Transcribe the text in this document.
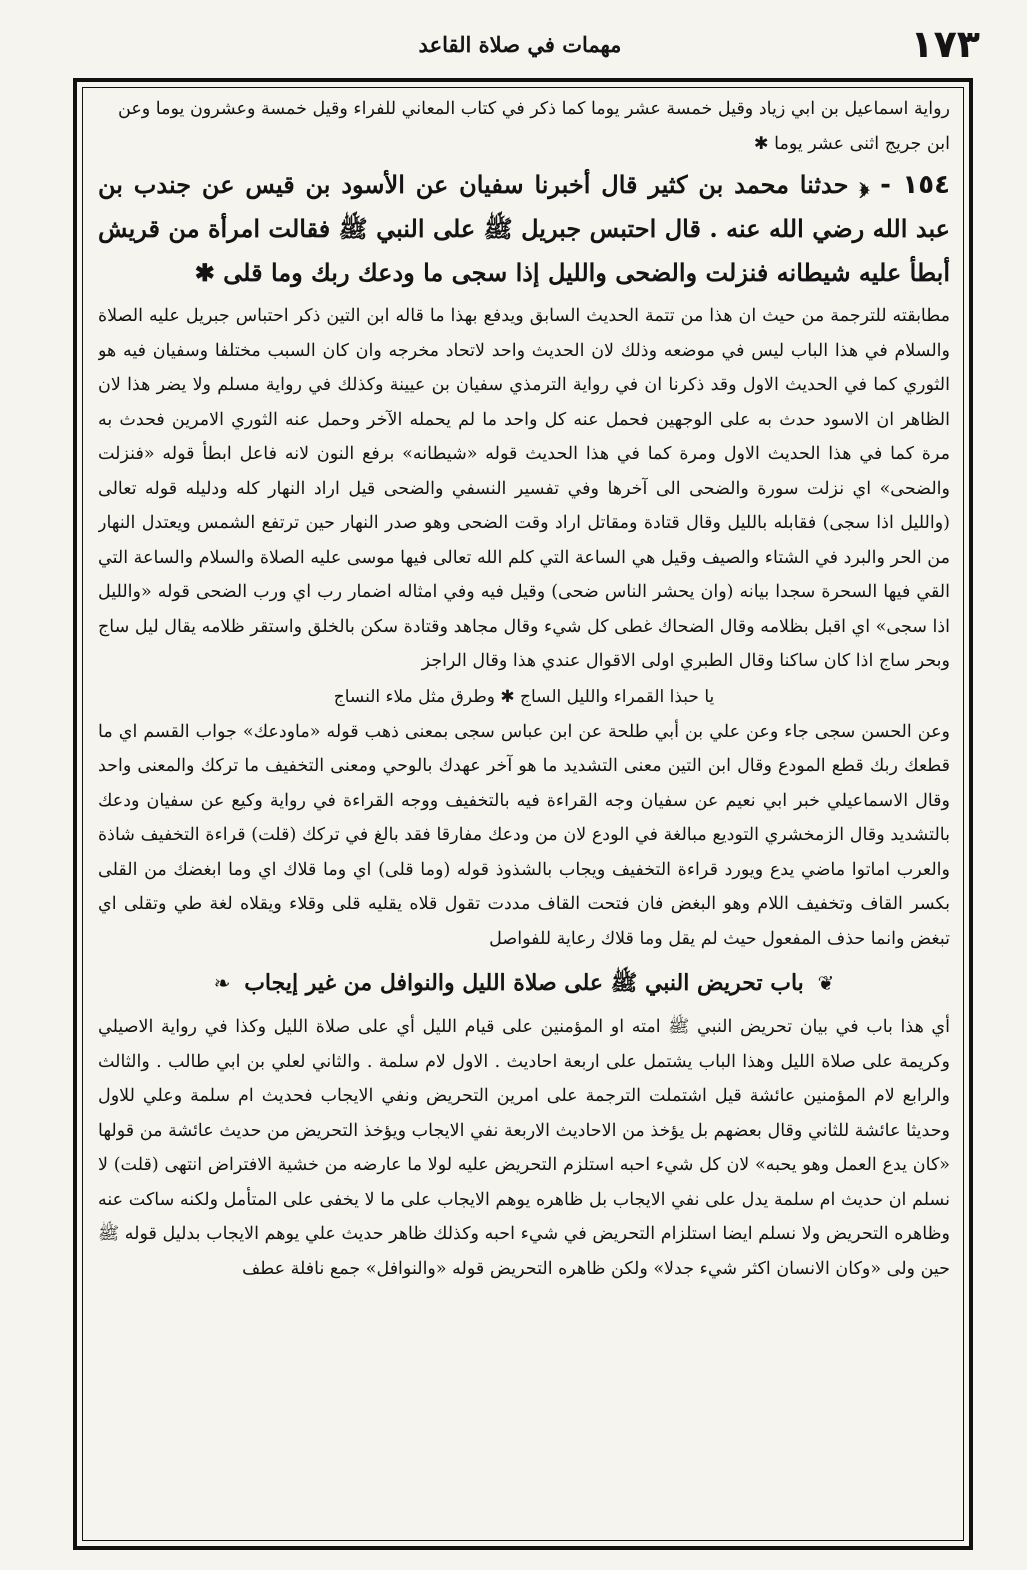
١٧٣
مهمات في صلاة القاعد

رواية اسماعيل بن ابي زياد وقيل خمسة عشر يوما كما ذكر في كتاب المعاني للفراء وقيل خمسة وعشرون يوما وعن ابن جريج اثنى عشر يوما ✱

١٥٤ - ﴿ حدثنا محمد بن كثير قال أخبرنا سفيان عن الأسود بن قيس عن جندب بن عبد الله رضي الله عنه . قال احتبس جبريل ﷺ على النبي ﷺ فقالت امرأة من قريش أبطأ عليه شيطانه فنزلت والضحى والليل إذا سجى ما ودعك ربك وما قلى ✱

مطابقته للترجمة من حيث ان هذا من تتمة الحديث السابق ويدفع بهذا ما قاله ابن التين ذكر احتباس جبريل عليه الصلاة والسلام في هذا الباب ليس في موضعه وذلك لان الحديث واحد لاتحاد مخرجه وان كان السبب مختلفا وسفيان فيه هو الثوري كما في الحديث الاول وقد ذكرنا ان في رواية الترمذي سفيان بن عيينة وكذلك في رواية مسلم ولا يضر هذا لان الظاهر ان الاسود حدث به على الوجهين فحمل عنه كل واحد ما لم يحمله الآخر وحمل عنه الثوري الامرين فحدث به مرة كما في هذا الحديث الاول ومرة كما في هذا الحديث قوله «شيطانه» برفع النون لانه فاعل ابطأ قوله «فنزلت والضحى» اي نزلت سورة والضحى الى آخرها وفي تفسير النسفي والضحى قيل اراد النهار كله ودليله قوله تعالى (والليل اذا سجى) فقابله بالليل وقال قتادة ومقاتل اراد وقت الضحى وهو صدر النهار حين ترتفع الشمس ويعتدل النهار من الحر والبرد في الشتاء والصيف وقيل هي الساعة التي كلم الله تعالى فيها موسى عليه الصلاة والسلام والساعة التي القي فيها السحرة سجدا بيانه (وان يحشر الناس ضحى) وقيل فيه وفي امثاله اضمار رب اي ورب الضحى قوله «والليل اذا سجى» اي اقبل بظلامه وقال الضحاك غطى كل شيء وقال مجاهد وقتادة سكن بالخلق واستقر ظلامه يقال ليل ساج وبحر ساج اذا كان ساكنا وقال الطبري اولى الاقوال عندي هذا وقال الراجز

يا حبذا القمراء والليل الساج ✱ وطرق مثل ملاء النساج

وعن الحسن سجى جاء وعن علي بن أبي طلحة عن ابن عباس سجى بمعنى ذهب قوله «ماودعك» جواب القسم اي ما قطعك ربك قطع المودع وقال ابن التين معنى التشديد ما هو آخر عهدك بالوحي ومعنى التخفيف ما تركك والمعنى واحد وقال الاسماعيلي خبر ابي نعيم عن سفيان وجه القراءة فيه بالتخفيف ووجه القراءة في رواية وكيع عن سفيان ودعك بالتشديد وقال الزمخشري التوديع مبالغة في الودع لان من ودعك مفارقا فقد بالغ في تركك (قلت) قراءة التخفيف شاذة والعرب اماتوا ماضي يدع ويورد قراءة التخفيف ويجاب بالشذوذ قوله (وما قلى) اي وما قلاك اي وما ابغضك من القلى بكسر القاف وتخفيف اللام وهو البغض فان فتحت القاف مددت تقول قلاه يقليه قلى وقلاء ويقلاه لغة طي وتقلى اي تبغض وانما حذف المفعول حيث لم يقل وما قلاك رعاية للفواصل

❦ باب تحريض النبي ﷺ على صلاة الليل والنوافل من غير إيجاب ❧

أي هذا باب في بيان تحريض النبي ﷺ امته او المؤمنين على قيام الليل أي على صلاة الليل وكذا في رواية الاصيلي وكريمة على صلاة الليل وهذا الباب يشتمل على اربعة احاديث . الاول لام سلمة . والثاني لعلي بن ابي طالب . والثالث والرابع لام المؤمنين عائشة قيل اشتملت الترجمة على امرين التحريض ونفي الايجاب فحديث ام سلمة وعلي للاول وحديثا عائشة للثاني وقال بعضهم بل يؤخذ من الاحاديث الاربعة نفي الايجاب ويؤخذ التحريض من حديث عائشة من قولها «كان يدع العمل وهو يحبه» لان كل شيء احبه استلزم التحريض عليه لولا ما عارضه من خشية الافتراض انتهى (قلت) لا نسلم ان حديث ام سلمة يدل على نفي الايجاب بل ظاهره يوهم الايجاب على ما لا يخفى على المتأمل ولكنه ساكت عنه وظاهره التحريض ولا نسلم ايضا استلزام التحريض في شيء احبه وكذلك ظاهر حديث علي يوهم الايجاب بدليل قوله ﷺ حين ولى «وكان الانسان اكثر شيء جدلا» ولكن ظاهره التحريض قوله «والنوافل» جمع نافلة عطف
